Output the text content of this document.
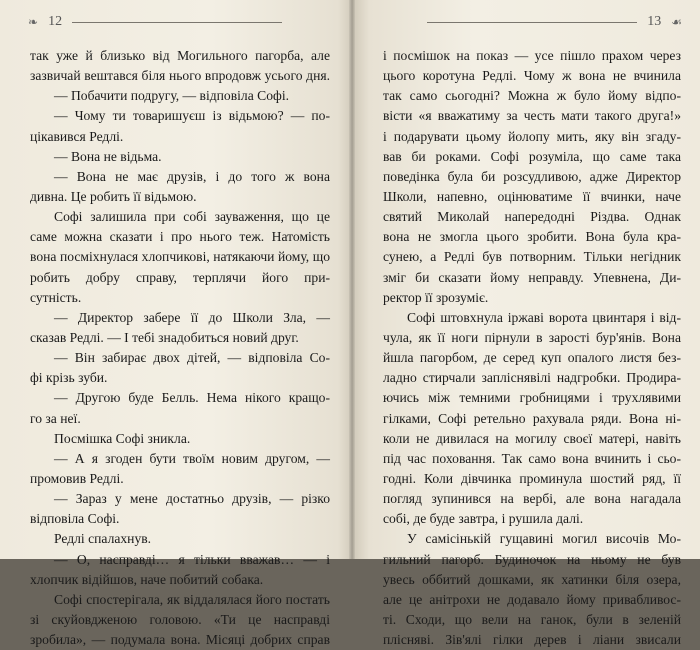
❧ 12
так уже й близько від Могильного пагорба, але
зазвичай вештався біля нього впродовж усього дня.
— Побачити подругу, — відповіла Софі.
— Чому ти товаришуєш із відьмою? — по-
цікавився Редлі.
— Вона не відьма.
— Вона не має друзів, і до того ж вона
дивна. Це робить її відьмою.
Софі залишила при собі зауваження, що це
саме можна сказати і про нього теж. Натомість
вона посміхнулася хлопчикові, натякаючи йому, що
робить добру справу, терплячи його при-
сутність.
— Директор забере її до Школи Зла, —
сказав Редлі. — І тебі знадобиться новий друг.
— Він забирає двох дітей, — відповіла Со-
фі крізь зуби.
— Другою буде Белль. Нема нікого кращо-
го за неї.
Посмішка Софі зникла.
— А я згоден бути твоїм новим другом, —
промовив Редлі.
— Зараз у мене достатньо друзів, — різко
відповіла Софі.
Редлі спалахнув.
— О, насправді… я тільки вважав… — і
хлопчик відійшов, наче побитий собака.
Софі спостерігала, як віддалялася його постать
зі скуйовдженою головою. «Ти це насправді
зробила», — подумала вона. Місяці добрих справ
☙
13
і посмішок на показ — усе пішло прахом через
цього коротуна Редлі. Чому ж вона не вчинила
так само сьогодні? Можна ж було йому відпо-
вісти «я вважатиму за честь мати такого друга!»
і подарувати цьому йолопу мить, яку він згаду-
вав би роками. Софі розуміла, що саме така
поведінка була би розсудливою, адже Директор
Школи, напевно, оцінюватиме її вчинки, наче
святий Миколай напередодні Різдва. Однак
вона не змогла цього зробити. Вона була кра-
сунею, а Редлі був потворним. Тільки негідник
зміг би сказати йому неправду. Упевнена, Ди-
ректор її зрозуміє.
Софі штовхнула іржаві ворота цвинтаря і від-
чула, як її ноги пірнули в зарості бур'янів. Вона
йшла пагорбом, де серед куп опалого листя без-
ладно стирчали запліснявілі надгробки. Продира-
ючись між темними гробницями і трухлявими
гілками, Софі ретельно рахувала ряди. Вона ні-
коли не дивилася на могилу своєї матері, навіть
під час поховання. Так само вона вчинить і сьо-
годні. Коли дівчинка проминула шостий ряд, її
погляд зупинився на вербі, але вона нагадала
собі, де буде завтра, і рушила далі.
У самісінькій гущавині могил височів Мо-
гильний пагорб. Будиночок на ньому не був
увесь оббитий дошками, як хатинки біля озера,
але це анітрохи не додавало йому привабливос-
ті. Сходи, що вели на ганок, були в зеленій
плісняві. Зів'ялі гілки дерев і ліани звисали
